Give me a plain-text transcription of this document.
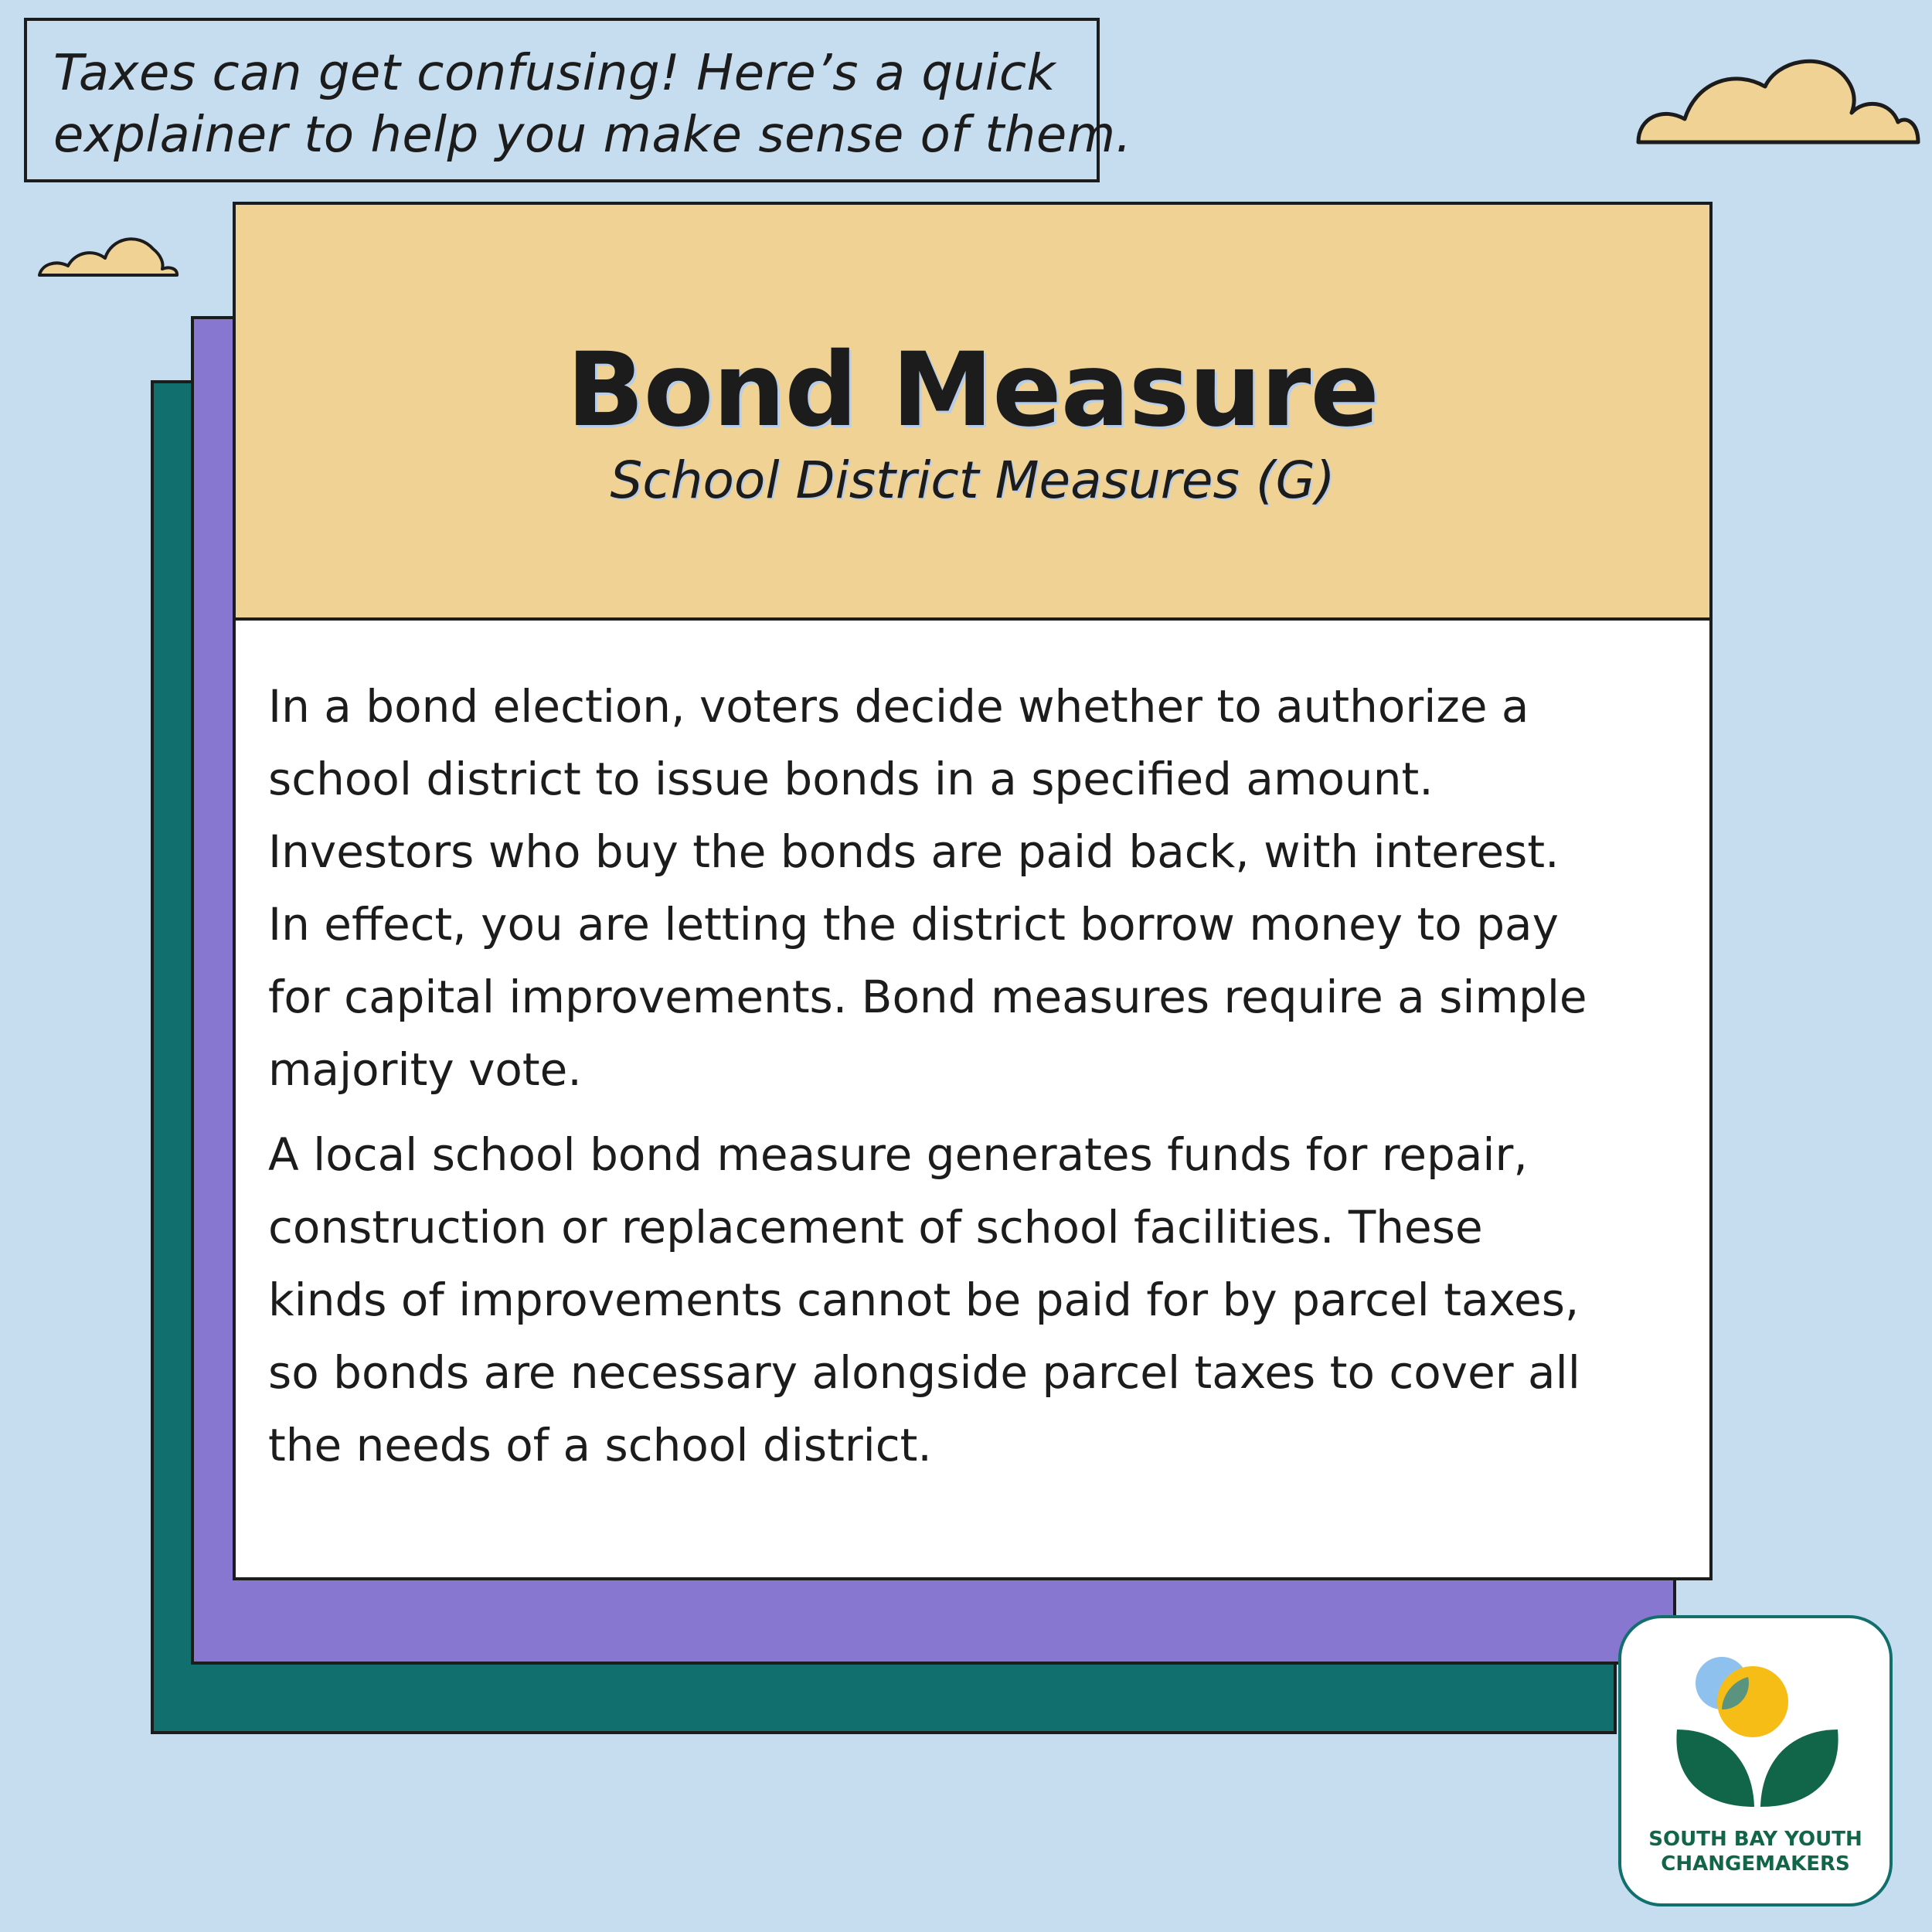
Taxes can get confusing! Here’s a quick
explainer to help you make sense of them.
Bond Measure
School District Measures (G)

In a bond election, voters decide whether to authorize a
school district to issue bonds in a specified amount.
Investors who buy the bonds are paid back, with interest.
In effect, you are letting the district borrow money to pay
for capital improvements. Bond measures require a simple
majority vote.

A local school bond measure generates funds for repair,
construction or replacement of school facilities. These
kinds of improvements cannot be paid for by parcel taxes,
so bonds are necessary alongside parcel taxes to cover all
the needs of a school district.

SOUTH BAY YOUTH
CHANGEMAKERS
